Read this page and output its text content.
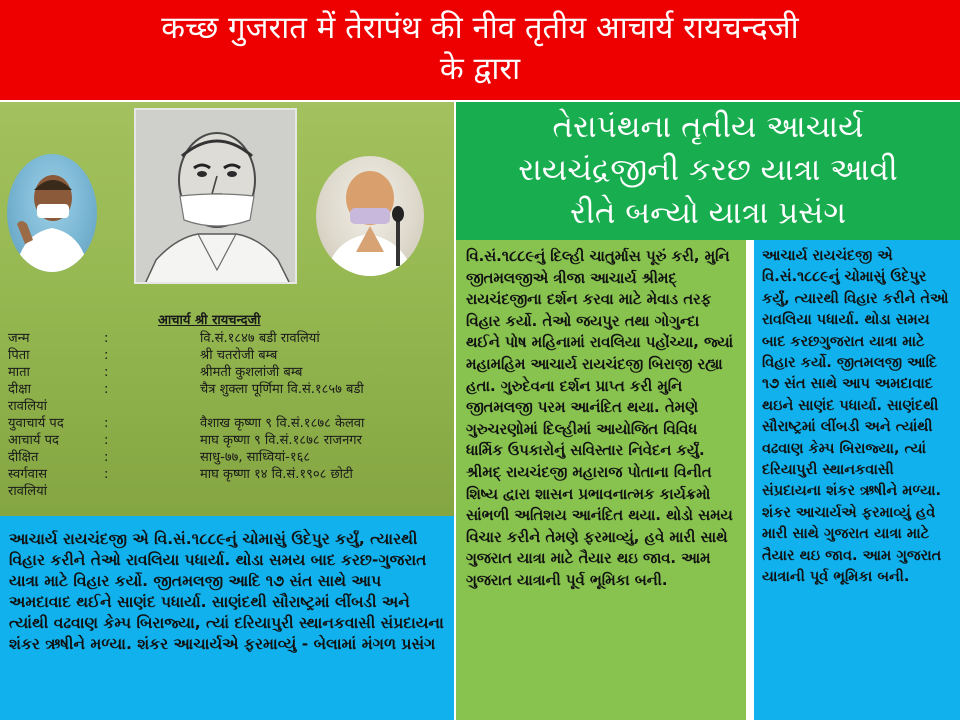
कच्छ गुजरात में तेरापंथ की नीव तृतीय आचार्य रायचन्दजी
के द्वारा
તેરાપંથના તૃતીય આચાર્ય
રાયચંદ્રજીની કરછ યાત્રા આવી
રીતે બન્યો યાત્રા પ્રસંગ
आचार्य श्री रायचन्दजी
जन्म	:	वि.सं.१८४७ बडी रावलियां
पिता	:	श्री चतरोजी बम्ब
माता	:	श्रीमती कुशलांजी बम्ब
दीक्षा	:	चैत्र शुक्ला पूर्णिमा वि.सं.१८५७ बडी
रावलियां
युवाचार्य पद	:	वैशाख कृष्णा ९ वि.सं.१८७८ केलवा
आचार्य पद	:	माघ कृष्णा ९ वि.सं.१८७८ राजनगर
दीक्षित	:	साधु-७७, साध्वियां-१६८
स्वर्गवास	:	माघ कृष्णा १४ वि.सं.१९०८ छोटी
रावलियां
આચાર્ય રાયચંદજી એ વિ.સં.૧૮૮૯નું ચોમાસું ઉદેપુર કર્યું, ત્યારથી વિહાર કરીને તેઓ રાવલિયા પધાર્યા. થોડા સમય બાદ કરછ-ગુજરાત યાત્રા માટે વિહાર કર્યો. જીતમલજી આદિ ૧૭ સંત સાથે આપ અમદાવાદ થઈને સાણંદ પધાર્યા. સાણંદથી સૌરાષ્ટ્રમાં લીંબડી અને ત્યાંથી વઢવાણ કેમ્પ બિરાજ્યા, ત્યાં દરિયાપુરી સ્થાનકવાસી સંપ્રદાયના શંકર ઋષીને મળ્યા. શંકર આચાર્યએ ફરમાવ્યું - બેલામાં મંગળ પ્રસંગ
વિ.સં.૧૮૮૯નું દિલ્હી ચાતુર્માસ પૂરું કરી, મુનિ જીતમલજીએ ત્રીજા આચાર્ય શ્રીમદ્ રાયચંદજીના દર્શન કરવા માટે મેવાડ તરફ વિહાર કર્યો. તેઓ જયપુર તથા ગોગુન્દા થઈને પોષ મહિનામાં રાવલિયા પહોંચ્યા, જ્યાં મહામહિમ આચાર્ય રાયચંદજી બિરાજી રહ્યા હતા. ગુરુદેવના દર્શન પ્રાપ્ત કરી મુનિ જીતમલજી પરમ આનંદિત થયા. તેમણે ગુરુચરણોમાં દિલ્હીમાં આયોજિત વિવિધ ધાર્મિક ઉપકારોનું સવિસ્તાર નિવેદન કર્યું. શ્રીમદ્ રાયચંદજી મહારાજ પોતાના વિનીત શિષ્ય દ્વારા શાસન પ્રભાવનાત્મક કાર્યક્રમો સાંભળી અતિશય આનંદિત થયા. થોડો સમય વિચાર કરીને તેમણે ફરમાવ્યું, હવે મારી સાથે ગુજરાત યાત્રા માટે તૈયાર થઇ જાવ. આમ ગુજરાત યાત્રાની પૂર્વ ભૂમિકા બની.
આચાર્ય રાયચંદજી એ વિ.સં.૧૮૮૯નું ચોમાસું ઉદેપુર કર્યું, ત્યારથી વિહાર કરીને તેઓ રાવલિયા પધાર્યા. થોડા સમય બાદ કરછગુજરાત યાત્રા માટે વિહાર કર્યો. જીતમલજી આદિ ૧૭ સંત સાથે આપ અમદાવાદ થઇને સાણંદ પધાર્યા. સાણંદથી સૌરાષ્ટ્રમાં લીંબડી અને ત્યાંથી વઢવાણ કેમ્પ બિરાજ્યા, ત્યાં દરિયાપુરી સ્થાનકવાસી સંપ્રદાયના શંકર ઋષીને મળ્યા. શંકર આચાર્યએ ફરમાવ્યું હવે મારી સાથે ગુજરાત યાત્રા માટે તૈયાર થઇ જાવ. આમ ગુજરાત યાત્રાની પૂર્વ ભૂમિકા બની.
